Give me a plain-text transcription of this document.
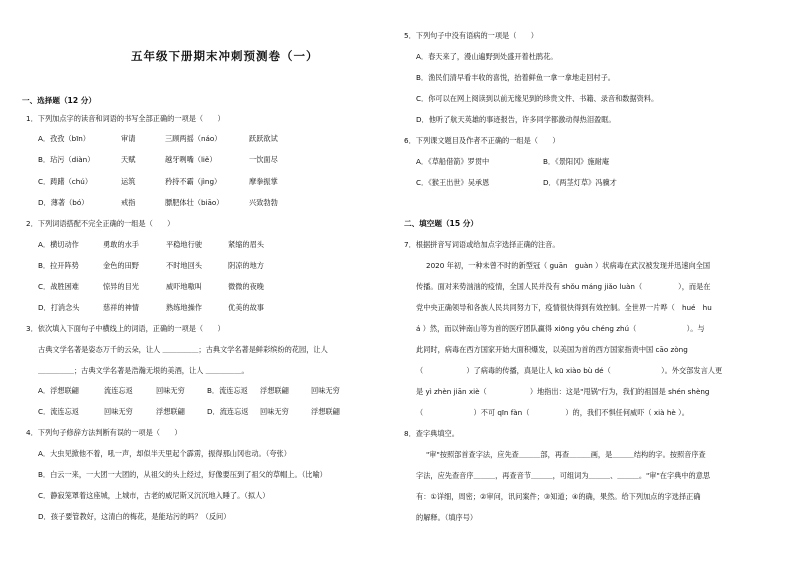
五年级下册期末冲刺预测卷（一）
一、选择题（12 分）
1．下列加点字的读音和词语的书写全部正确的一项是（　　）
A．孜孜（bīn）	审请	三顾两摇（náo）	跃跃欲试
B．玷污（diàn）	天赋	越牙咧嘴（liě）	一饮面尽
C．踌躇（chú）	运筑	矜持不霸（jìng）	摩拳振掌
D．薄著（bó）	戒指	膘肥体壮（biāo）	兴致勃勃
2．下列词语搭配不完全正确的一组是（　　）
A．横切动作	勇敢的水手	平稳地行驶	紧缩的眉头
B．拉开阵势	金色的田野	不时地回头	阴凉的地方
C．战胜困难	惊异的目光	威吓地嗷叫	微微的夜晚
D．打消念头	慈祥的神情	熟练地操作	优美的故事
3．依次填入下面句子中横线上的词语，正确的一项是（　　）
古典文学名著是姿态万千的云朵，让人 ＿＿＿＿＿；古典文学名著是鲜彩缤纷的花园，让人
＿＿＿＿＿；古典文学名著是浩瀚无垠的美酒，让人 ＿＿＿＿＿。
A．浮想联翩	流连忘返	回味无穷	B．流连忘返 浮想联翩	回味无穷
C．流连忘返	回味无穷	浮想联翩	D．流连忘返 回味无穷	浮想联翩
4．下列句子修辞方法判断有误的一项是（　　）
A．大虫见掀他不着，吼一声，却似半天里起个霹雳，振得那山冈也动。（夸张）
B．白云一来，一大团一大团的，从祖父的头上经过，好像要压到了祖父的草帽上。（比喻）
C．静寂笼罩着这座城，上城市，古老的威尼斯又沉沉地入睡了。（拟人）
D．孩子要管教好，这清白的梅花，是能玷污的吗？（反问）
5．下列句子中没有语病的一项是（　　）
A．春天来了，漫山遍野到处盛开着杜鹃花。
B．渔民们清早看丰收的喜悦，抬着鲜鱼一拿一拿地走回村子。
C．你可以在网上阅读到以前无缘见到的珍贵文件、书籍、录音和数据资料。
D．他听了航天英雄的事迹报告，许多同学都激动得热泪盈眶。
6．下列课文题目及作者不正确的一组是（　　）
A．《草船借箭》罗贯中	B．《景阳冈》施耐庵
C．《猴王出世》吴承恩	D．《两茎灯草》冯骥才
二、填空题（15 分）
7．根据拼音写词语或给加点字选择正确的注音。
2020 年初，一种未曾不时的新型冠（ guān　guàn ）状病毒在武汉被发现并迅速向全国
传播。面对来势汹汹的疫情，全国人民并没有 shǒu máng jiǎo luàn（　　　　　），而是在
党中央正确领导和各族人民共同努力下，疫情很快得到有效控制。全世界一片哗（　hué　hu
á ）然，而以钟南山等为首的医疗团队赢得 xiōng yǒu chéng zhú（　　　　　　　）。与
此同时，病毒在西方国家开始大面积爆发，以美国为首的西方国家指责中国 cāo zòng
（　　　　　　）了病毒的传播，真是让人 kū xiào bù dé（　　　　　　　）。外交部发言人更
是 yì zhèn jiān xiè（　　　　　　）地指出：这是"甩锅"行为，我们的祖国是 shén shèng
（　　　　　　　）不可 qīn fàn（　　　　　）的，我们不惧任何威吓（ xià hè ）。
8．查字典填空。
"审"按照部首查字法，应先查＿＿＿部，再查＿＿＿画，是＿＿＿结构的字。按照音序查
字法，应先查音序＿＿＿，再查音节＿＿＿，可组词为＿＿＿、＿＿＿。"审"在字典中的意思
有：①详细，周密；②审问，讯问案件；③知道；④的确，果然。给下列加点的字选择正确
的解释。（填序号）
